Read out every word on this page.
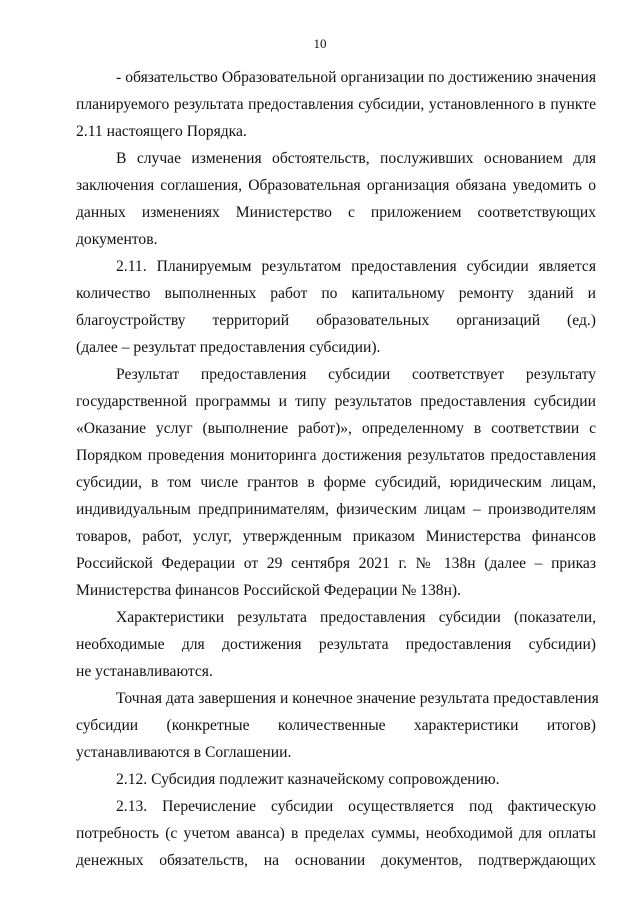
10

- обязательство Образовательной организации по достижению значения
планируемого результата предоставления субсидии, установленного в пункте
2.11 настоящего Порядка.

В случае изменения обстоятельств, послуживших основанием для
заключения соглашения, Образовательная организация обязана уведомить о
данных изменениях Министерство с приложением соответствующих
документов.

2.11. Планируемым результатом предоставления субсидии является
количество выполненных работ по капитальному ремонту зданий и
благоустройству территорий образовательных организаций (ед.)
(далее – результат предоставления субсидии).

Результат предоставления субсидии соответствует результату
государственной программы и типу результатов предоставления субсидии
«Оказание услуг (выполнение работ)», определенному в соответствии с
Порядком проведения мониторинга достижения результатов предоставления
субсидии, в том числе грантов в форме субсидий, юридическим лицам,
индивидуальным предпринимателям, физическим лицам – производителям
товаров, работ, услуг, утвержденным приказом Министерства финансов
Российской Федерации от 29 сентября 2021 г. № 138н (далее – приказ
Министерства финансов Российской Федерации № 138н).

Характеристики результата предоставления субсидии (показатели,
необходимые для достижения результата предоставления субсидии)
не устанавливаются.

Точная дата завершения и конечное значение результата предоставления
субсидии (конкретные количественные характеристики итогов)
устанавливаются в Соглашении.

2.12. Субсидия подлежит казначейскому сопровождению.

2.13. Перечисление субсидии осуществляется под фактическую
потребность (с учетом аванса) в пределах суммы, необходимой для оплаты
денежных обязательств, на основании документов, подтверждающих
